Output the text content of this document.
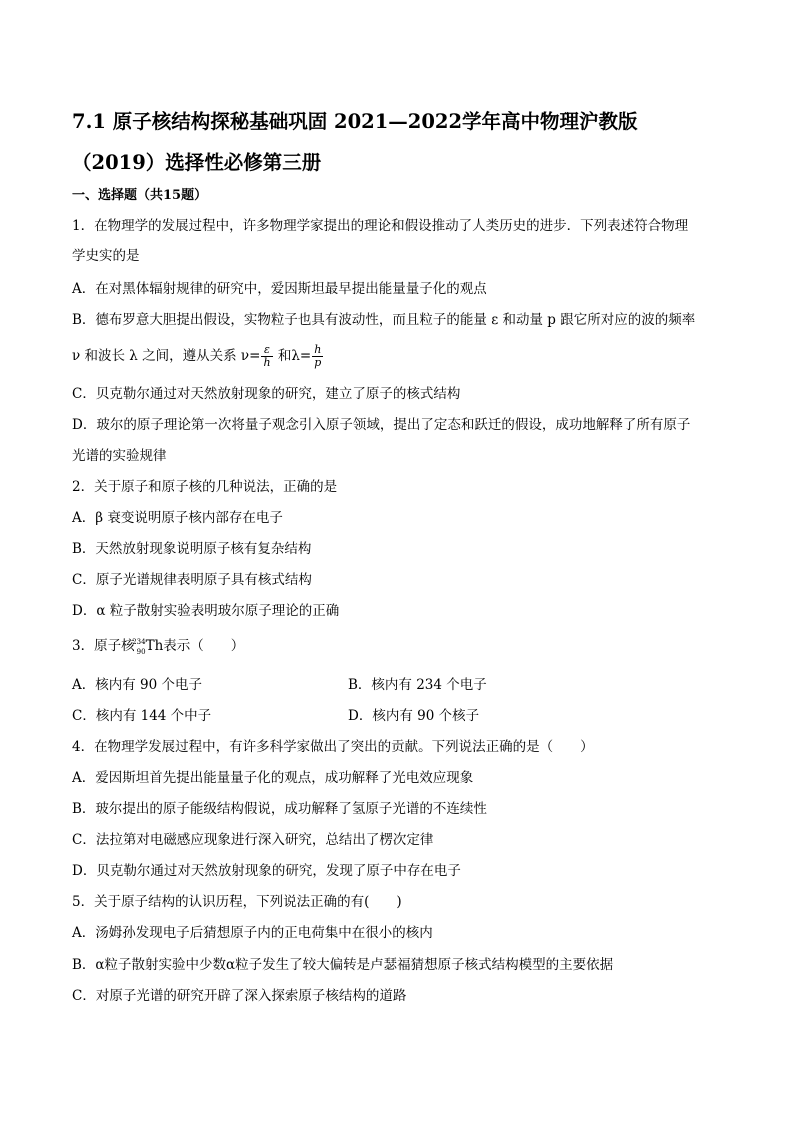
7.1 原子核结构探秘基础巩固 2021—2022学年高中物理沪教版
（2019）选择性必修第三册
一、选择题（共15题）
1．在物理学的发展过程中，许多物理学家提出的理论和假设推动了人类历史的进步．下列表述符合物理
学史实的是
A．在对黑体辐射规律的研究中，爱因斯坦最早提出能量量子化的观点
B．德布罗意大胆提出假设，实物粒子也具有波动性，而且粒子的能量 ε 和动量 p 跟它所对应的波的频率
ν 和波长 λ 之间，遵从关系 $\nu= \frac{\varepsilon}{h}$ 和$\lambda= \frac{h}{p}$
C．贝克勒尔通过对天然放射现象的研究，建立了原子的核式结构
D．玻尔的原子理论第一次将量子观念引入原子领域，提出了定态和跃迁的假设，成功地解释了所有原子
光谱的实验规律
2．关于原子和原子核的几种说法，正确的是
A．β 衰变说明原子核内部存在电子
B．天然放射现象说明原子核有复杂结构
C．原子光谱规律表明原子具有核式结构
D．α 粒子散射实验表明玻尔原子理论的正确
3．原子核
234
90 Th表示（　　）
A．核内有 90 个电子	B．核内有 234 个电子
C．核内有 144 个中子	D．核内有 90 个核子
4．在物理学发展过程中，有许多科学家做出了突出的贡献。下列说法正确的是（　　）
A．爱因斯坦首先提出能量量子化的观点，成功解释了光电效应现象
B．玻尔提出的原子能级结构假说，成功解释了氢原子光谱的不连续性
C．法拉第对电磁感应现象进行深入研究，总结出了楞次定律
D．贝克勒尔通过对天然放射现象的研究，发现了原子中存在电子
5．关于原子结构的认识历程，下列说法正确的有(　　)
A．汤姆孙发现电子后猜想原子内的正电荷集中在很小的核内
B．α粒子散射实验中少数α粒子发生了较大偏转是卢瑟福猜想原子核式结构模型的主要依据
C．对原子光谱的研究开辟了深入探索原子核结构的道路
